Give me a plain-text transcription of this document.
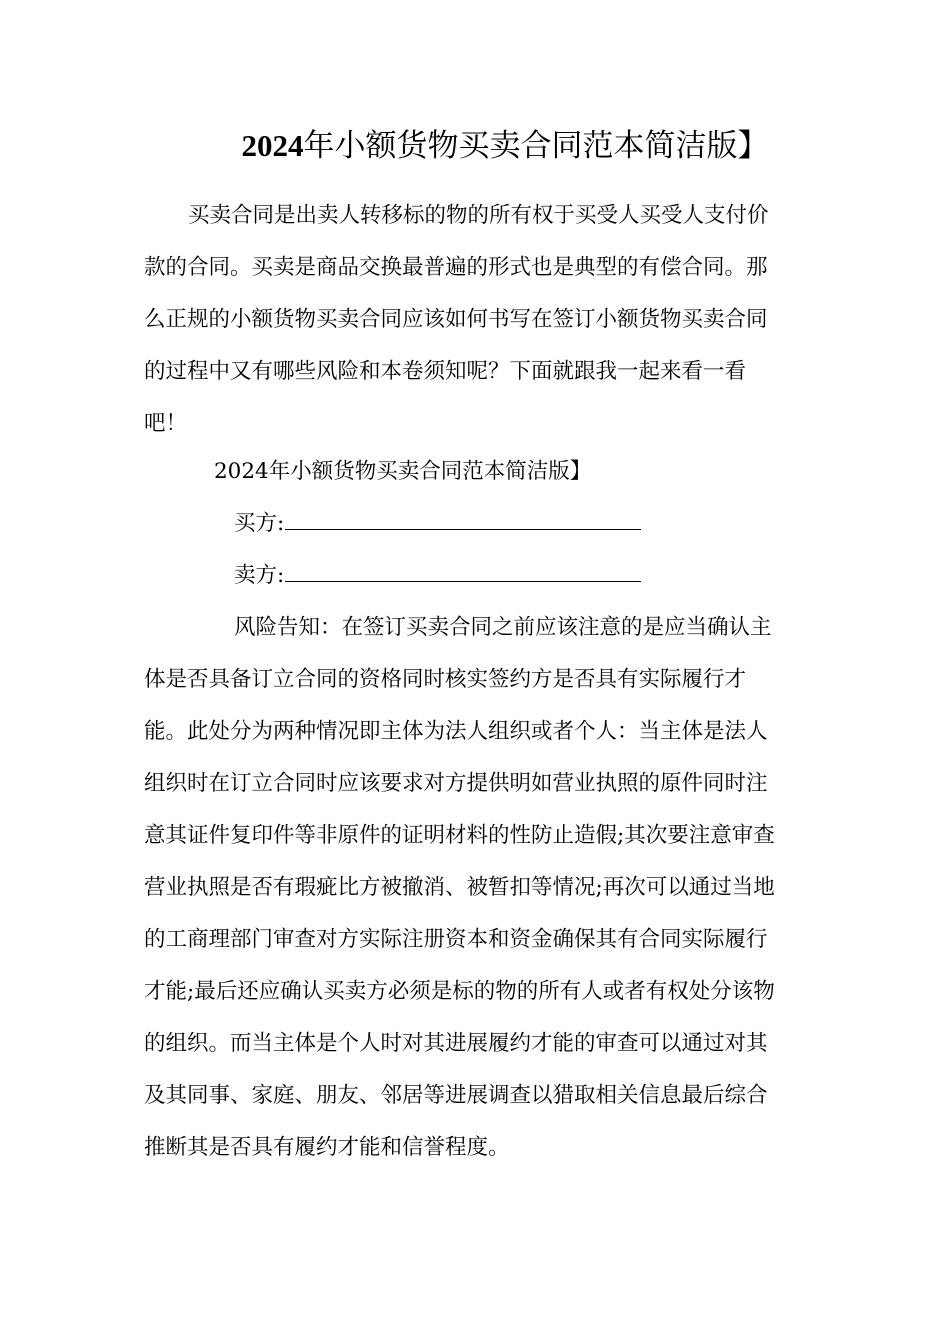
2024年小额货物买卖合同范本简洁版】
买卖合同是出卖人转移标的物的所有权于买受人买受人支付价
款的合同。买卖是商品交换最普遍的形式也是典型的有偿合同。那
么正规的小额货物买卖合同应该如何书写在签订小额货物买卖合同
的过程中又有哪些风险和本卷须知呢？下面就跟我一起来看一看
吧！
2024年小额货物买卖合同范本简洁版】
买方:
卖方:
风险告知：在签订买卖合同之前应该注意的是应当确认主
体是否具备订立合同的资格同时核实签约方是否具有实际履行才
能。此处分为两种情况即主体为法人组织或者个人：当主体是法人
组织时在订立合同时应该要求对方提供明如营业执照的原件同时注
意其证件复印件等非原件的证明材料的性防止造假;其次要注意审查
营业执照是否有瑕疵比方被撤消、被暂扣等情况;再次可以通过当地
的工商理部门审查对方实际注册资本和资金确保其有合同实际履行
才能;最后还应确认买卖方必须是标的物的所有人或者有权处分该物
的组织。而当主体是个人时对其进展履约才能的审查可以通过对其
及其同事、家庭、朋友、邻居等进展调查以猎取相关信息最后综合
推断其是否具有履约才能和信誉程度。
